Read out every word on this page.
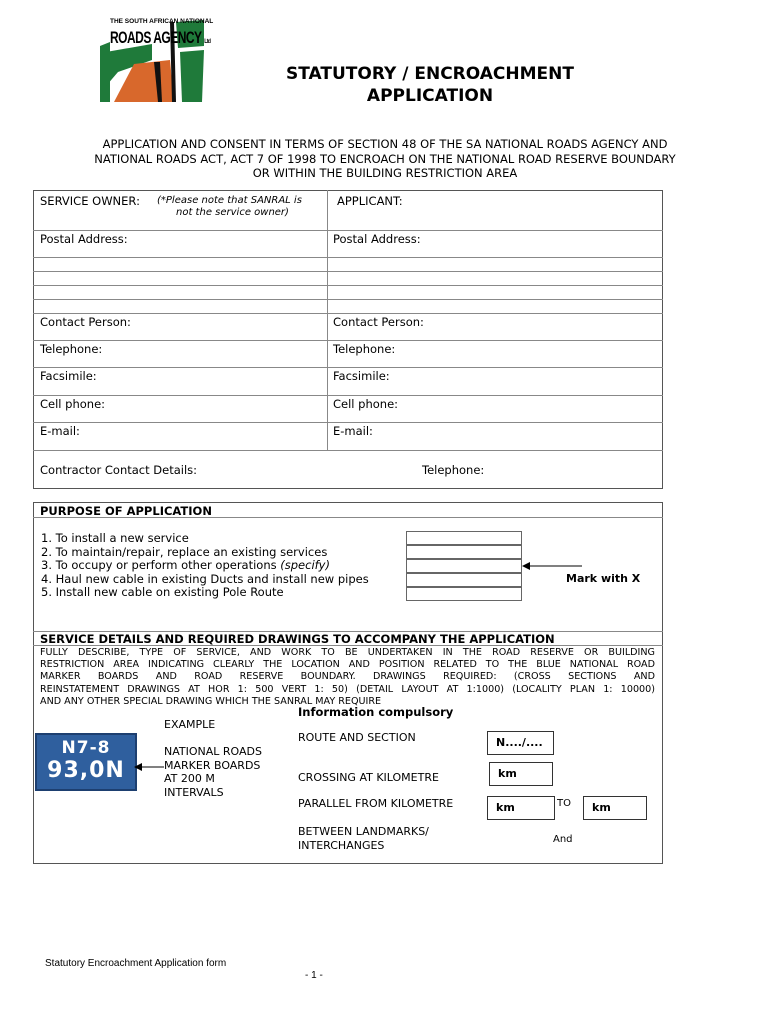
THE SOUTH AFRICAN NATIONAL
ROADS AGENCY Ltd
STATUTORY / ENCROACHMENT
APPLICATION
APPLICATION AND CONSENT IN TERMS OF SECTION 48 OF THE SA NATIONAL ROADS AGENCY AND
NATIONAL ROADS ACT, ACT 7 OF 1998 TO ENCROACH ON THE NATIONAL ROAD RESERVE BOUNDARY
OR WITHIN THE BUILDING RESTRICTION AREA
SERVICE OWNER: (*Please note that SANRAL is
not the service owner)
APPLICANT:
Postal Address:	Postal Address:
Contact Person:	Contact Person:
Telephone:	Telephone:
Facsimile:	Facsimile:
Cell phone:	Cell phone:
E-mail:	E-mail:
Contractor Contact Details:	Telephone:
PURPOSE OF APPLICATION
1. To install a new service
2. To maintain/repair, replace an existing services
3. To occupy or perform other operations (specify)
4. Haul new cable in existing Ducts and install new pipes
5. Install new cable on existing Pole Route
Mark with X
SERVICE DETAILS AND REQUIRED DRAWINGS TO ACCOMPANY THE APPLICATION
FULLY DESCRIBE, TYPE OF SERVICE, AND WORK TO BE UNDERTAKEN IN THE ROAD RESERVE OR BUILDING
RESTRICTION AREA INDICATING CLEARLY THE LOCATION AND POSITION RELATED TO THE BLUE NATIONAL ROAD
MARKER BOARDS AND ROAD RESERVE BOUNDARY. DRAWINGS REQUIRED: (CROSS SECTIONS AND
REINSTATEMENT DRAWINGS AT HOR 1: 500 VERT 1: 50) (DETAIL LAYOUT AT 1:1000) (LOCALITY PLAN 1: 10000)
AND ANY OTHER SPECIAL DRAWING WHICH THE SANRAL MAY REQUIRE
Information compulsory
EXAMPLE
N7-8
93,0N
NATIONAL ROADS
MARKER BOARDS
AT 200 M
INTERVALS
ROUTE AND SECTION	N..../....
CROSSING AT KILOMETRE	km
PARALLEL FROM KILOMETRE	km	TO	km
BETWEEN LANDMARKS/
INTERCHANGES	And
Statutory Encroachment Application form
- 1 -
